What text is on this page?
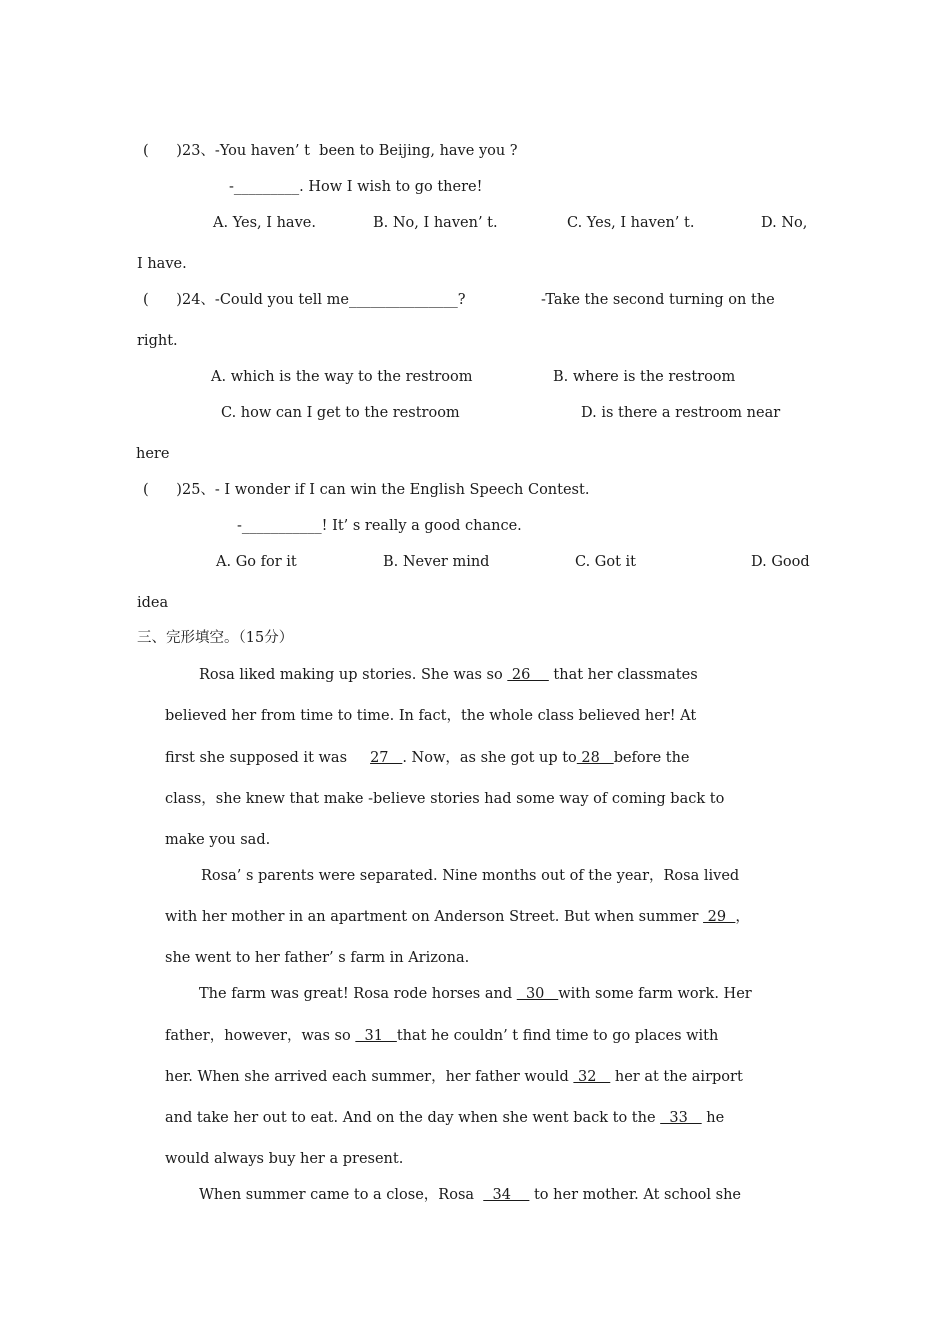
(      )23、-You haven’ t  been to Beijing, have you ?
-_________. How I wish to go there!
A. Yes, I have.	B. No, I haven’ t.	C. Yes, I haven’ t.	D. No,
I have.
(      )24、-Could you tell me_______________?	-Take the second turning on the
right.
A. which is the way to the restroom	B. where is the restroom
C. how can I get to the restroom	D. is there a restroom near
here
(      )25、- I wonder if I can win the English Speech Contest.
-___________! It’ s really a good chance.
A. Go for it	B. Never mind	C. Got it	D. Good
idea
三、完形填空。（15分）
Rosa liked making up stories. She was so  26     that her classmates
believed her from time to time. In fact，the whole class believed her! At
first she supposed it was     27   . Now，as she got up to 28   before the
class，she knew that make -believe stories had some way of coming back to
make you sad.
Rosa’ s parents were separated. Nine months out of the year，Rosa lived
with her mother in an apartment on Anderson Street. But when summer  29  ，
she went to her father’ s farm in Arizona.
The farm was great! Rosa rode horses and   30   with some farm work. Her
father，however，was so   31   that he couldn’ t find time to go places with
her. When she arrived each summer，her father would  32    her at the airport
and take her out to eat. And on the day when she went back to the   33    he
would always buy her a present.
When summer came to a close，Rosa    34     to her mother. At school she
